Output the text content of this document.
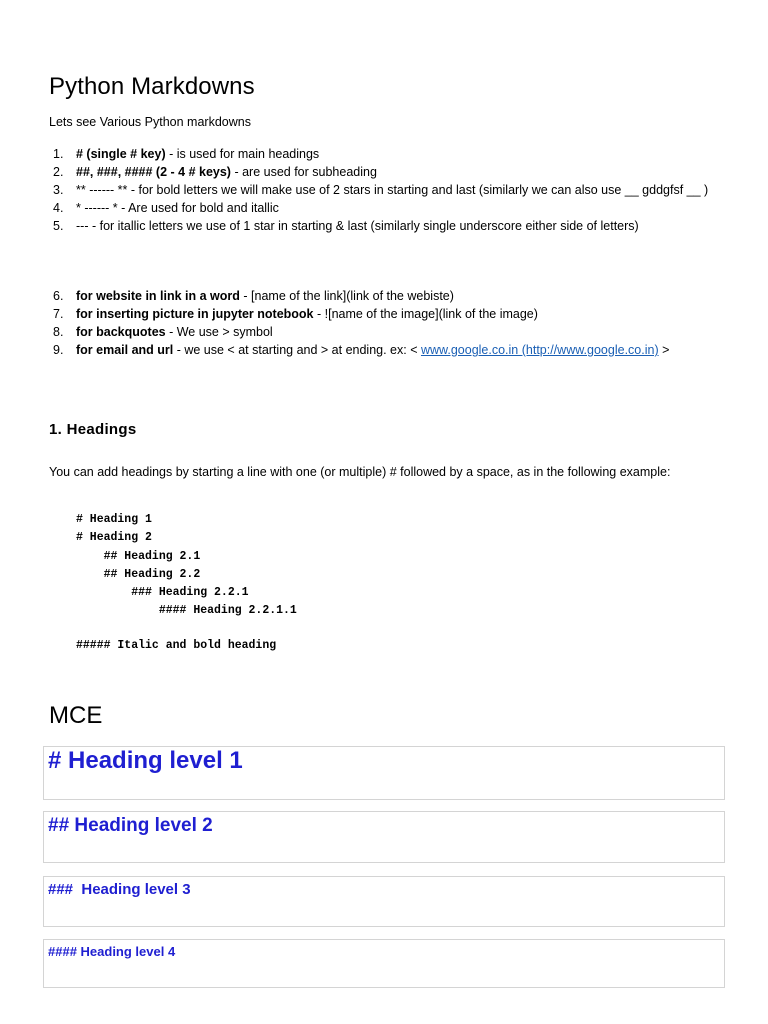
Python Markdowns
Lets see Various Python markdowns
1.	# (single # key) - is used for main headings
2.	##, ###, #### (2 - 4 # keys) - are used for subheading
3.	** ------ ** - for bold letters we will make use of 2 stars in starting and last (similarly we can also use __ gddgfsf __ )
4.	* ------ * - Are used for bold and itallic
5.	--- - for itallic letters we use of 1 star in starting & last (similarly single underscore either side of letters)
6.	for website in link in a word - [name of the link](link of the webiste)
7.	for inserting picture in jupyter notebook - ![name of the image](link of the image)
8.	for backquotes - We use > symbol
9.	for email and url - we use < at starting and > at ending. ex: < www.google.co.in (http://www.google.co.in) >
1. Headings
You can add headings by starting a line with one (or multiple) # followed by a space, as in the following example:
# Heading 1
# Heading 2
## Heading 2.1
## Heading 2.2
### Heading 2.2.1
#### Heading 2.2.1.1
##### Italic and bold heading
MCE
# Heading level 1
## Heading level 2
###  Heading level 3
#### Heading level 4
